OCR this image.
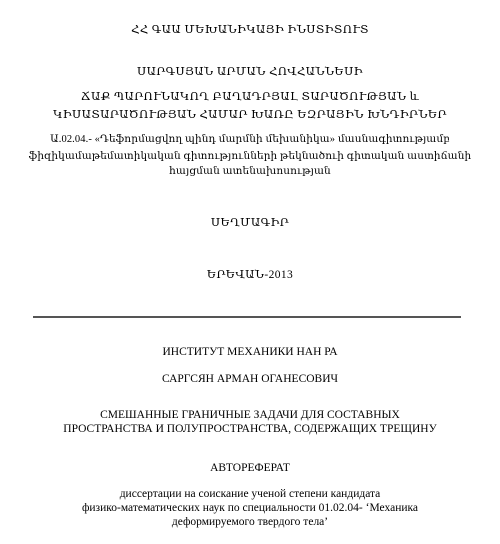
ՀՀ ԳԱԱ ՄԵԽԱՆԻԿԱՅԻ ԻՆՍՏԻՏՈՒՏ
ՍԱՐԳՍՅԱՆ ԱՐՄԱՆ ՀՈՎՀԱՆՆԵՍԻ
ՃԱՔ ՊԱՐՈՒՆԱԿՈՂ ԲԱՂԱԴՐՅԱԼ ՏԱՐԱԾՈՒԹՅԱՆ և
ԿԻՍԱՏԱՐԱԾՈՒԹՅԱՆ ՀԱՄԱՐ ԽԱՌԸ ԵԶՐԱՅԻՆ ԽՆԴԻՐՆԵՐ
Ա.02.04.- «Դեֆորմացվող պինդ մարմնի մեխանիկա» մասնագիտությամբ
ֆիզիկամաթեմատիկական գիտությունների թեկնածուի գիտական աստիճանի
հայցման ատենախոսության
ՍԵՂՄԱԳԻՐ
ԵՐԵՎԱՆ-2013
ИНСТИТУТ МЕХАНИКИ НАН РА
САРГСЯН АРМАН ОГАНЕСОВИЧ
СМЕШАННЫЕ ГРАНИЧНЫЕ ЗАДАЧИ ДЛЯ СОСТАВНЫХ
ПРОСТРАНСТВА И ПОЛУПРОСТРАНСТВА, СОДЕРЖАЩИХ ТРЕЩИНУ
АВТОРЕФЕРАТ
диссертации на соискание ученой степени кандидата
физико-математических наук по специальности 01.02.04- ‘Механика
деформируемого твердого тела’
